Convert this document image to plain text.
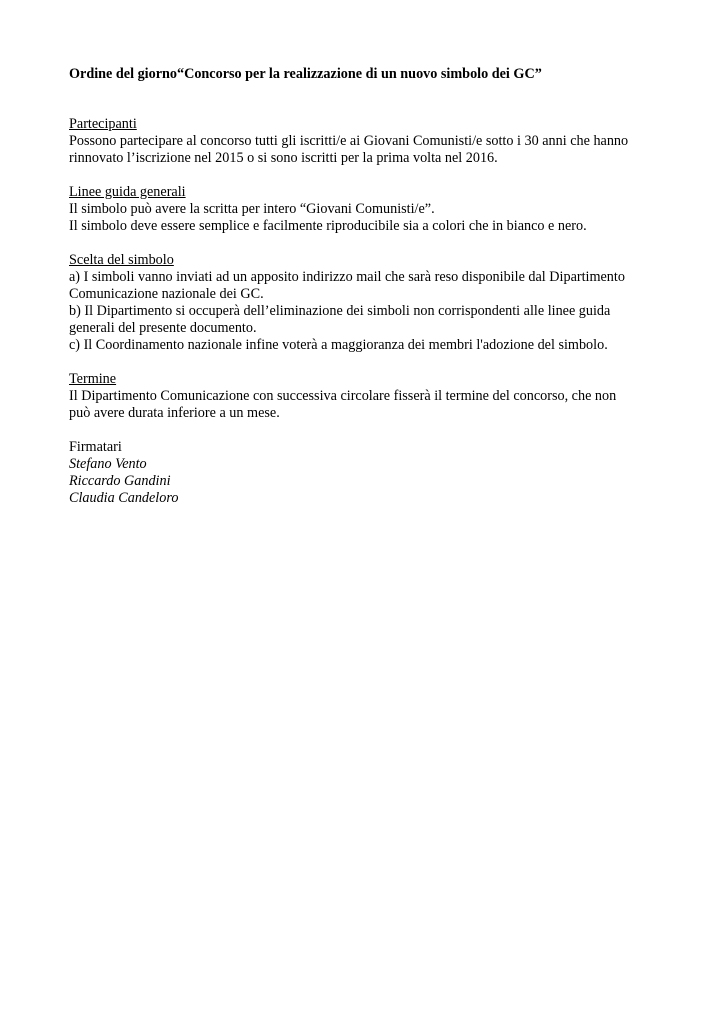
Ordine del giorno“Concorso per la realizzazione di un nuovo simbolo dei GC”
Partecipanti
Possono partecipare al concorso tutti gli iscritti/e ai Giovani Comunisti/e sotto i 30 anni che hanno
rinnovato l’iscrizione nel 2015 o si sono iscritti per la prima volta nel 2016.
Linee guida generali
Il simbolo può avere la scritta per intero “Giovani Comunisti/e”.
Il simbolo deve essere semplice e facilmente riproducibile sia a colori che in bianco e nero.
Scelta del simbolo
a) I simboli vanno inviati ad un apposito indirizzo mail che sarà reso disponibile dal Dipartimento
Comunicazione nazionale dei GC.
b) Il Dipartimento si occuperà dell’eliminazione dei simboli non corrispondenti alle linee guida
generali del presente documento.
c) Il Coordinamento nazionale infine voterà a maggioranza dei membri l'adozione del simbolo.
Termine
Il Dipartimento Comunicazione con successiva circolare fisserà il termine del concorso, che non
può avere durata inferiore a un mese.
Firmatari
Stefano Vento
Riccardo Gandini
Claudia Candeloro
